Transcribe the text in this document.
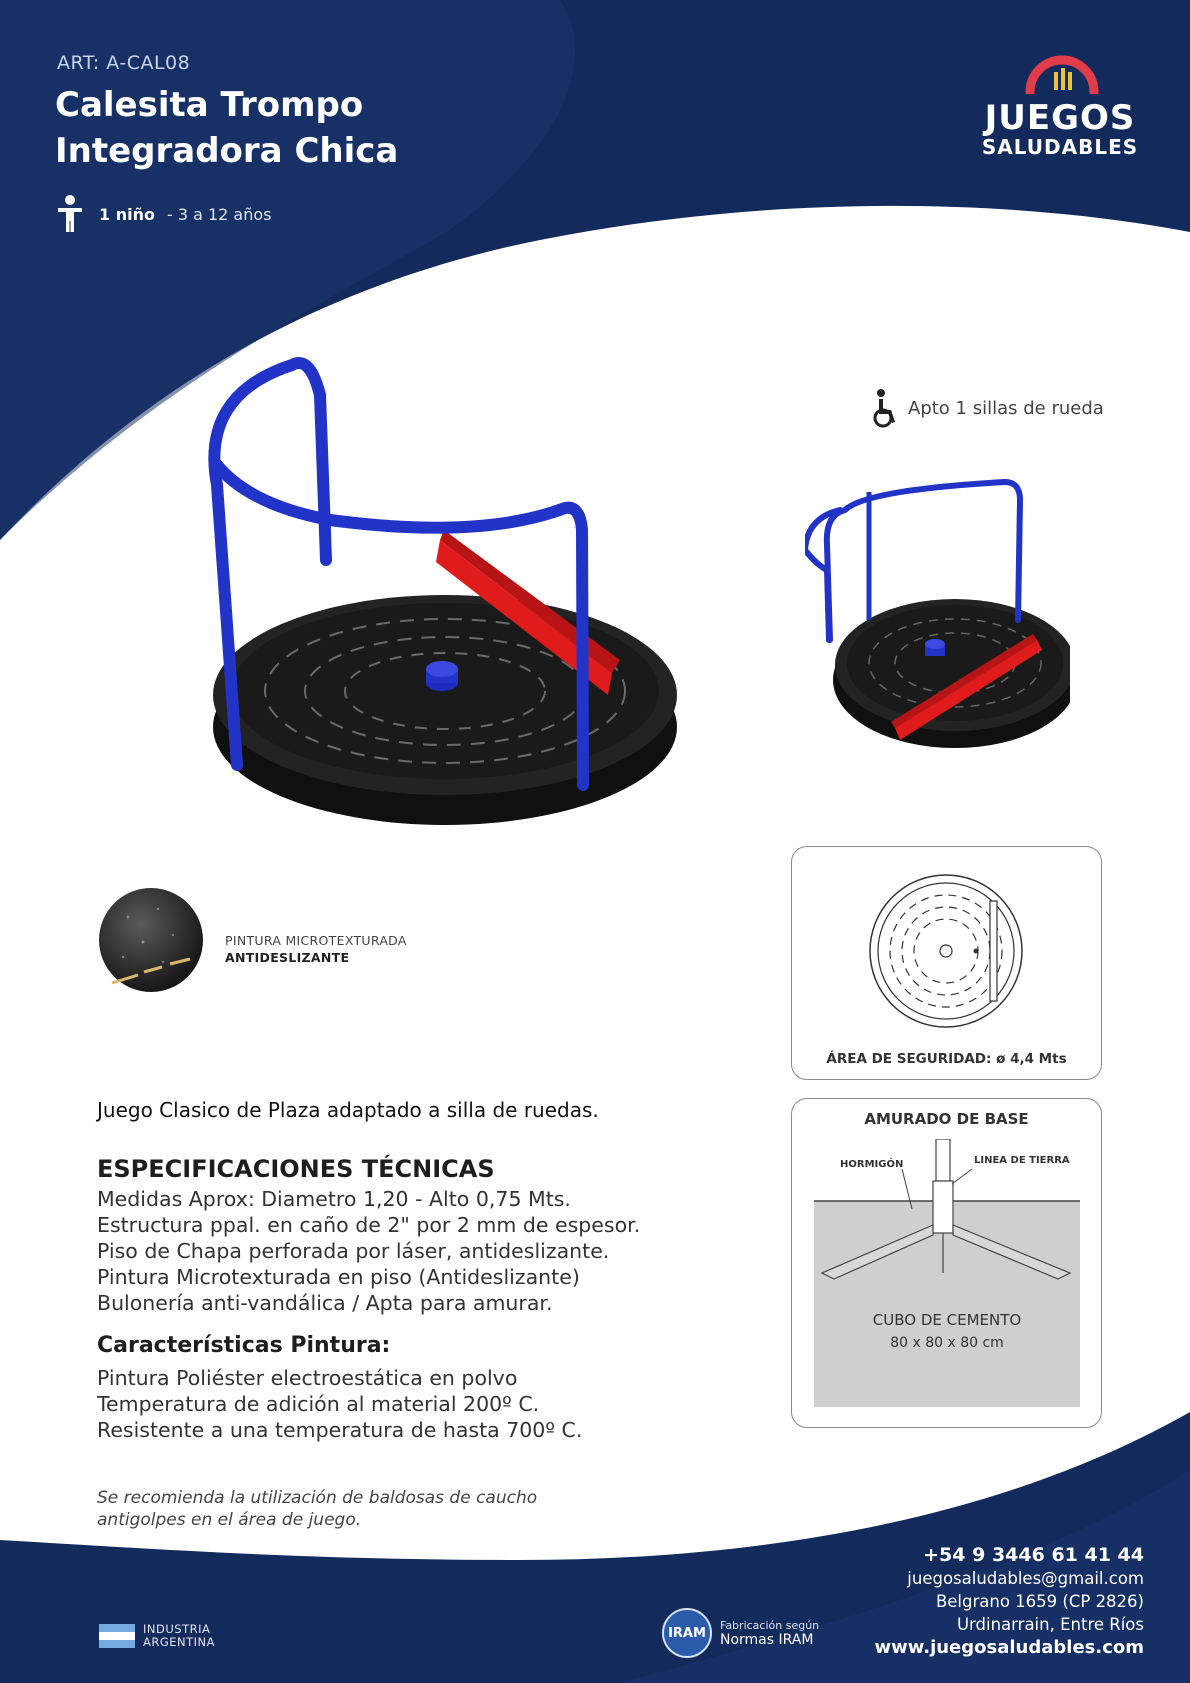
ART: A-CAL08
Calesita Trompo
Integradora Chica
1 niño - 3 a 12 años
JUEGOS
SALUDABLES
Apto 1 sillas de rueda
PINTURA MICROTEXTURADA
ANTIDESLIZANTE
ÁREA DE SEGURIDAD: ø 4,4 Mts
AMURADO DE BASE
HORMIGÓN	LINEA DE TIERRA
CUBO DE CEMENTO
80 x 80 x 80 cm
Juego Clasico de Plaza adaptado a silla de ruedas.
ESPECIFICACIONES TÉCNICAS
Medidas Aprox: Diametro 1,20 - Alto 0,75 Mts.
Estructura ppal. en caño de 2" por 2 mm de espesor.
Piso de Chapa perforada por láser, antideslizante.
Pintura Microtexturada en piso (Antideslizante)
Bulonería anti-vandálica / Apta para amurar.
Características Pintura:
Pintura Poliéster electroestática en polvo
Temperatura de adición al material 200º C.
Resistente a una temperatura de hasta 700º C.
Se recomienda la utilización de baldosas de caucho
antigolpes en el área de juego.
+54 9 3446 61 41 44
juegosaludables@gmail.com
Belgrano 1659 (CP 2826)
Urdinarrain, Entre Ríos
www.juegosaludables.com
INDUSTRIA
ARGENTINA
IRAM
Fabricación según
Normas IRAM
